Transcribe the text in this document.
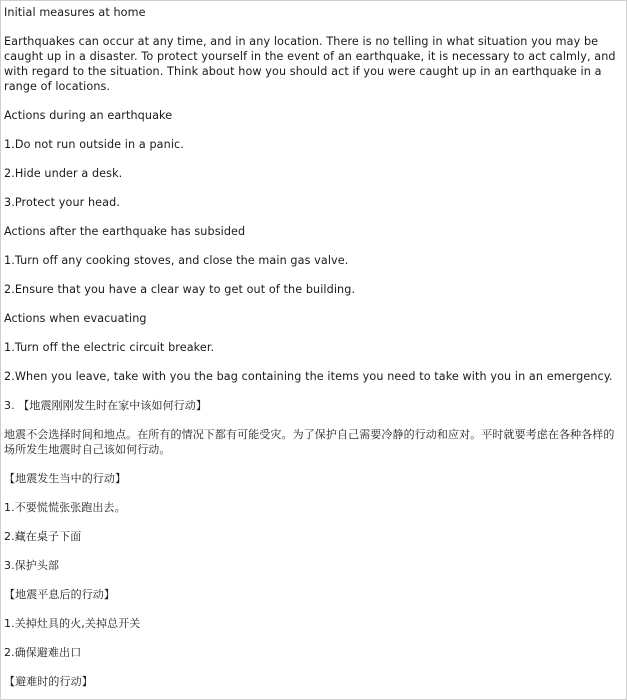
Initial measures at home

Earthquakes can occur at any time, and in any location. There is no telling in what situation you may be caught up in a disaster. To protect yourself in the event of an earthquake, it is necessary to act calmly, and with regard to the situation. Think about how you should act if you were caught up in an earthquake in a range of locations.

Actions during an earthquake

1.Do not run outside in a panic.

2.Hide under a desk.

3.Protect your head.

Actions after the earthquake has subsided

1.Turn off any cooking stoves, and close the main gas valve.

2.Ensure that you have a clear way to get out of the building.

Actions when evacuating

1.Turn off the electric circuit breaker.

2.When you leave, take with you the bag containing the items you need to take with you in an emergency.

3. 【地震刚刚发生时在家中该如何行动】

地震不会选择时间和地点。在所有的情况下都有可能受灾。为了保护自己需要冷静的行动和应对。平时就要考虑在各种各样的场所发生地震时自己该如何行动。

【地震发生当中的行动】

1.不要慌慌张张跑出去。

2.藏在桌子下面

3.保护头部

【地震平息后的行动】

1.关掉灶具的火,关掉总开关

2.确保避难出口

【避难时的行动】
